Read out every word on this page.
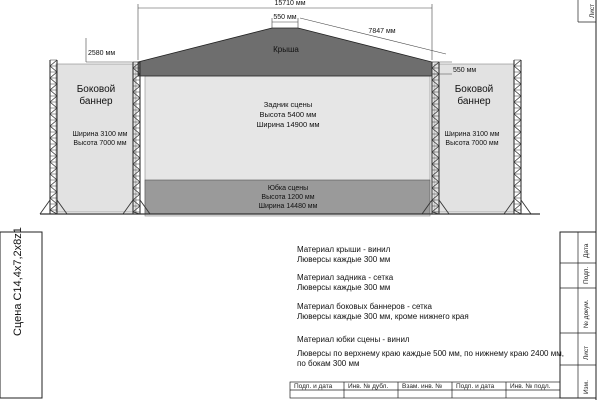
15710 мм
550 мм
7847 мм
2580 мм
550 мм
Крыша
Задник сцены
Высота 5400 мм
Ширина 14900 мм
Юбка сцены
Высота 1200 мм
Ширина 14480 мм
Боковой
баннер
Ширина 3100 мм
Высота 7000 мм
Боковой
баннер
Ширина 3100 мм
Высота 7000 мм
Материал крыши - винил
Люверсы каждые 300 мм
Материал задника - сетка
Люверсы каждые 300 мм
Материал боковых баннеров - сетка
Люверсы каждые 300 мм, кроме нижнего края
Материал юбки сцены - винил
Люверсы по верхнему краю каждые 500 мм, по нижнему краю 2400 мм,
по бокам 300 мм
Сцена С14,4х7,2х8z1
Лист
Дата
Подп.
№ докум.
Лист
Изм.
Подп. и дата Инв. № дубл. Взам. инв. № Подп. и дата Инв. № подл.
